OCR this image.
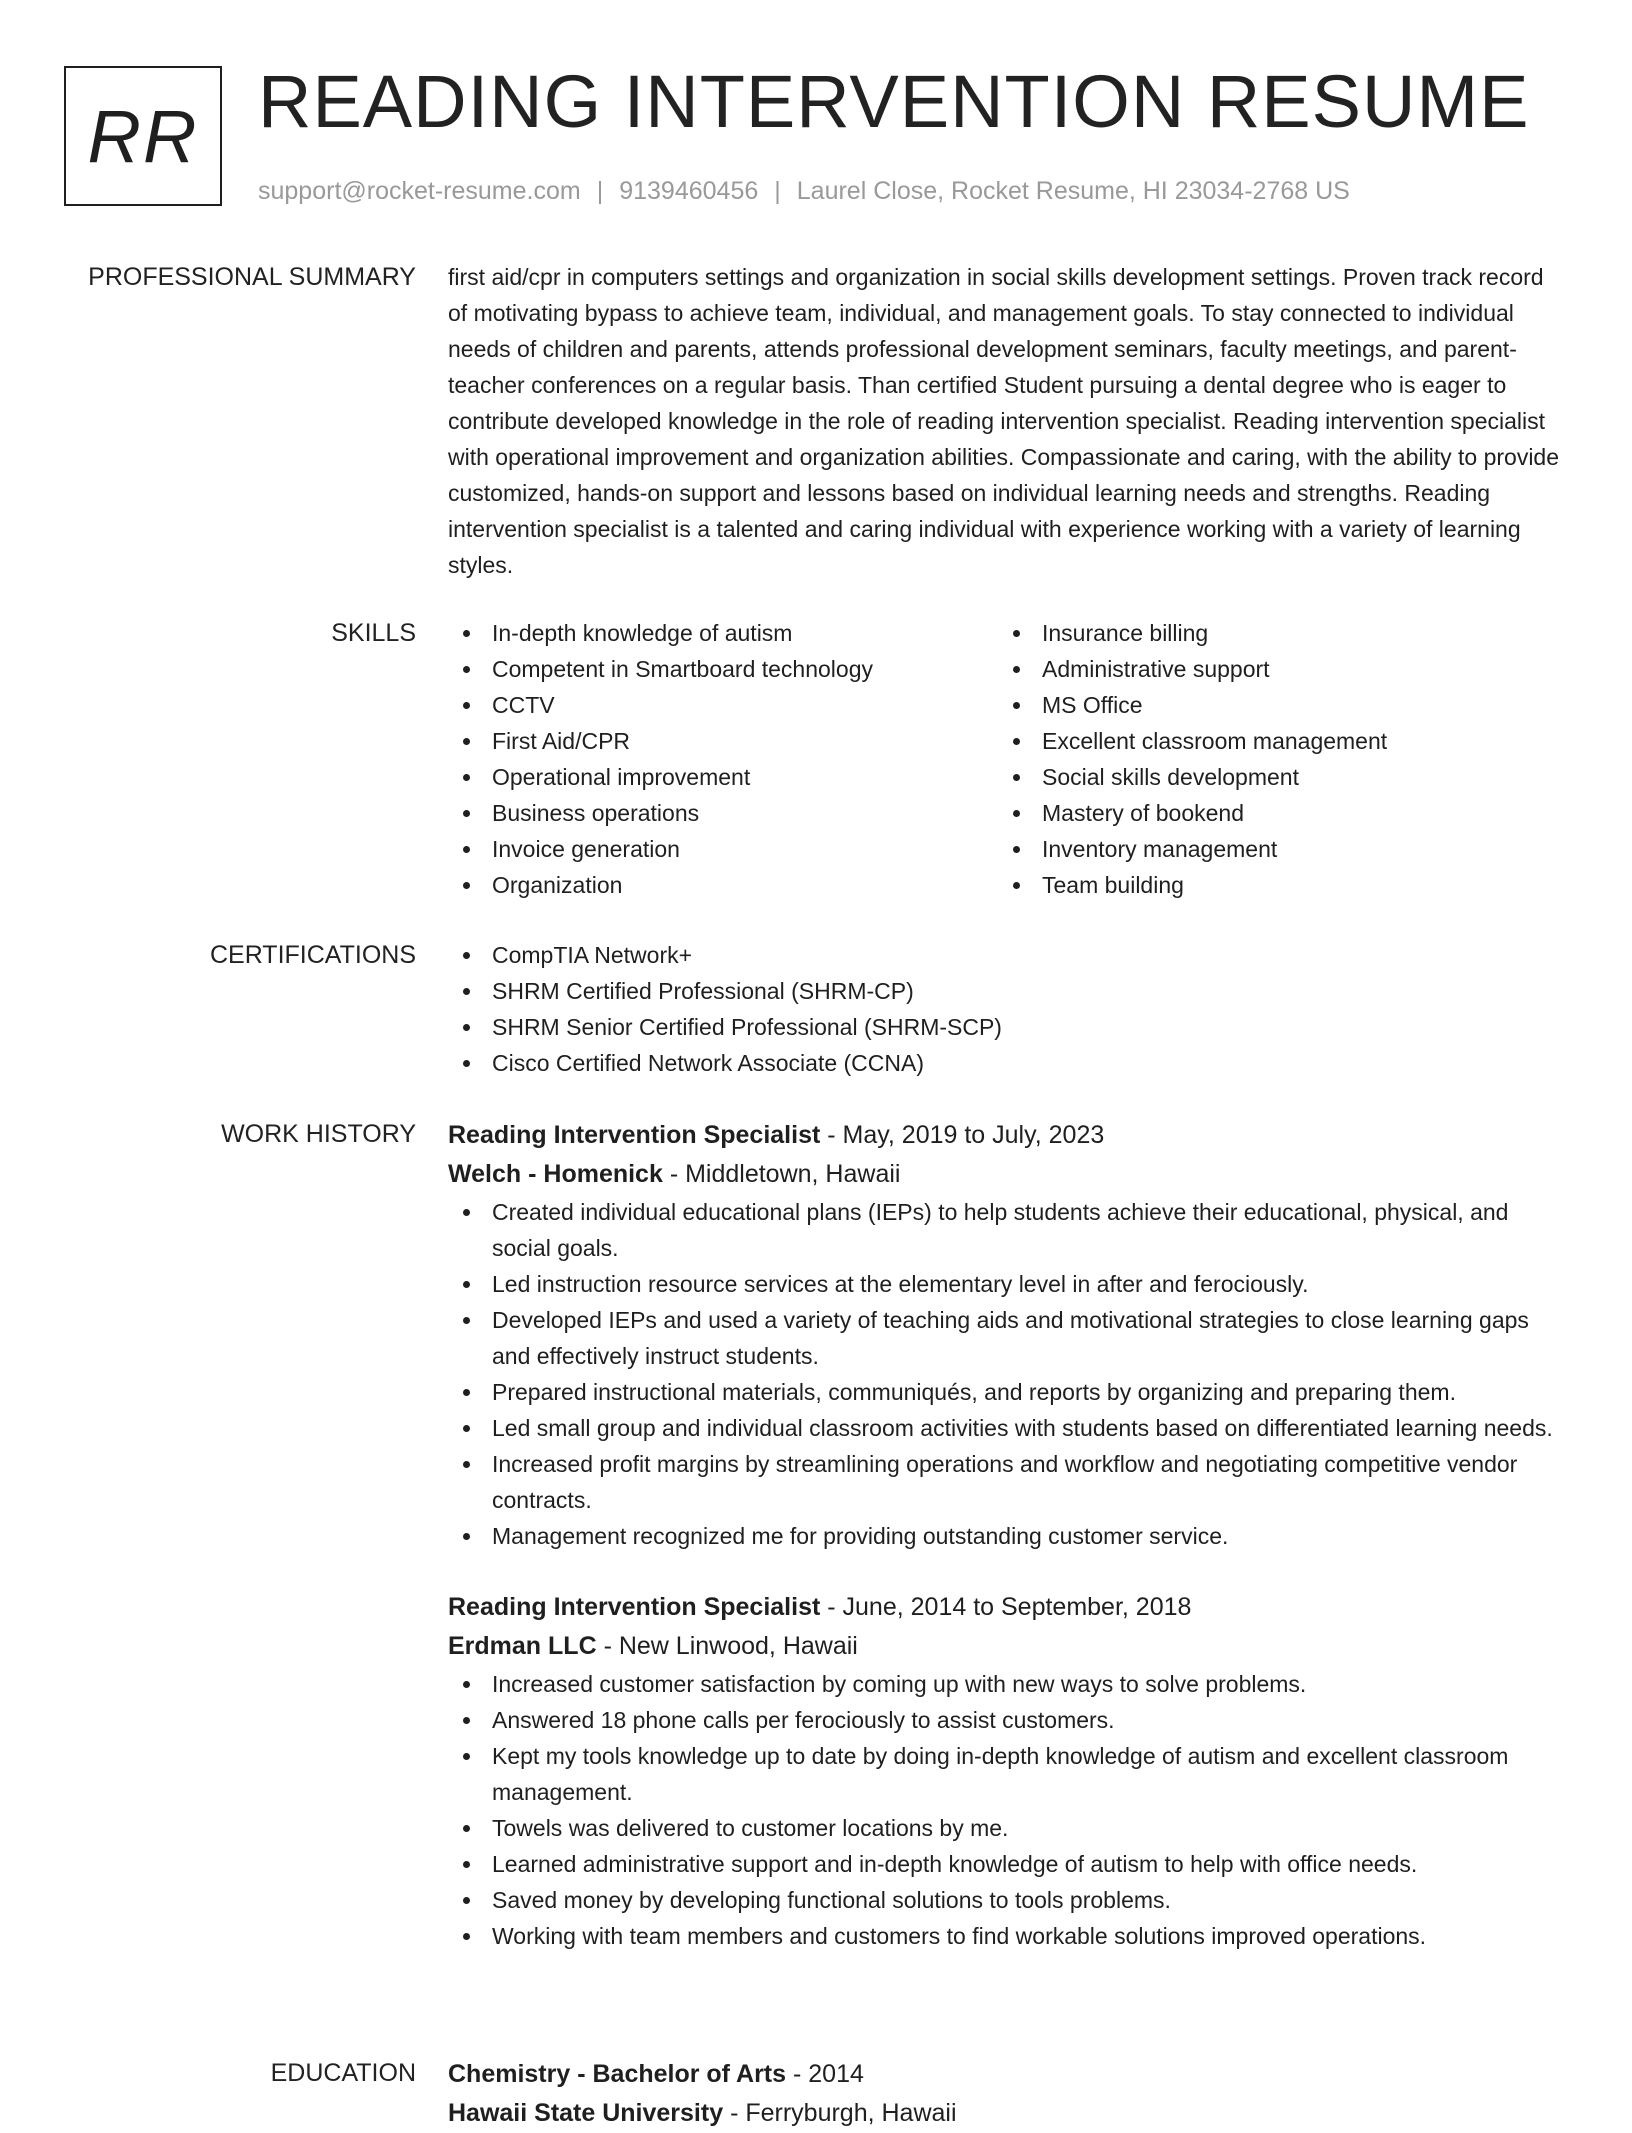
RR READING INTERVENTION RESUME
support@rocket-resume.com | 9139460456 | Laurel Close, Rocket Resume, HI 23034-2768 US
PROFESSIONAL SUMMARY first aid/cpr in computers settings and organization in social skills development settings. Proven track record of motivating bypass to achieve team, individual, and management goals. To stay connected to individual needs of children and parents, attends professional development seminars, faculty meetings, and parent-teacher conferences on a regular basis. Than certified Student pursuing a dental degree who is eager to contribute developed knowledge in the role of reading intervention specialist. Reading intervention specialist with operational improvement and organization abilities. Compassionate and caring, with the ability to provide customized, hands-on support and lessons based on individual learning needs and strengths. Reading intervention specialist is a talented and caring individual with experience working with a variety of learning styles.

SKILLS	In-depth knowledge of autism
Competent in Smartboard technology
CCTV
First Aid/CPR
Operational improvement
Business operations
Invoice generation
Organization
Insurance billing
Administrative support
MS Office
Excellent classroom management
Social skills development
Mastery of bookend
Inventory management
Team building
CERTIFICATIONS	CompTIA Network+
SHRM Certified Professional (SHRM-CP)
SHRM Senior Certified Professional (SHRM-SCP)
Cisco Certified Network Associate (CCNA)
WORK HISTORY Reading Intervention Specialist - May, 2019 to July, 2023
Welch - Homenick - Middletown, Hawaii
Created individual educational plans (IEPs) to help students achieve their educational, physical, and social goals.
Led instruction resource services at the elementary level in after and ferociously.
Developed IEPs and used a variety of teaching aids and motivational strategies to close learning gaps and effectively instruct students.
Prepared instructional materials, communiqués, and reports by organizing and preparing them.
Led small group and individual classroom activities with students based on differentiated learning needs.
Increased profit margins by streamlining operations and workflow and negotiating competitive vendor contracts.
Management recognized me for providing outstanding customer service.
Reading Intervention Specialist - June, 2014 to September, 2018
Erdman LLC - New Linwood, Hawaii
Increased customer satisfaction by coming up with new ways to solve problems.
Answered 18 phone calls per ferociously to assist customers.
Kept my tools knowledge up to date by doing in-depth knowledge of autism and excellent classroom management.
Towels was delivered to customer locations by me.
Learned administrative support and in-depth knowledge of autism to help with office needs.
Saved money by developing functional solutions to tools problems.
Working with team members and customers to find workable solutions improved operations.
EDUCATION Chemistry - Bachelor of Arts - 2014
Hawaii State University - Ferryburgh, Hawaii
